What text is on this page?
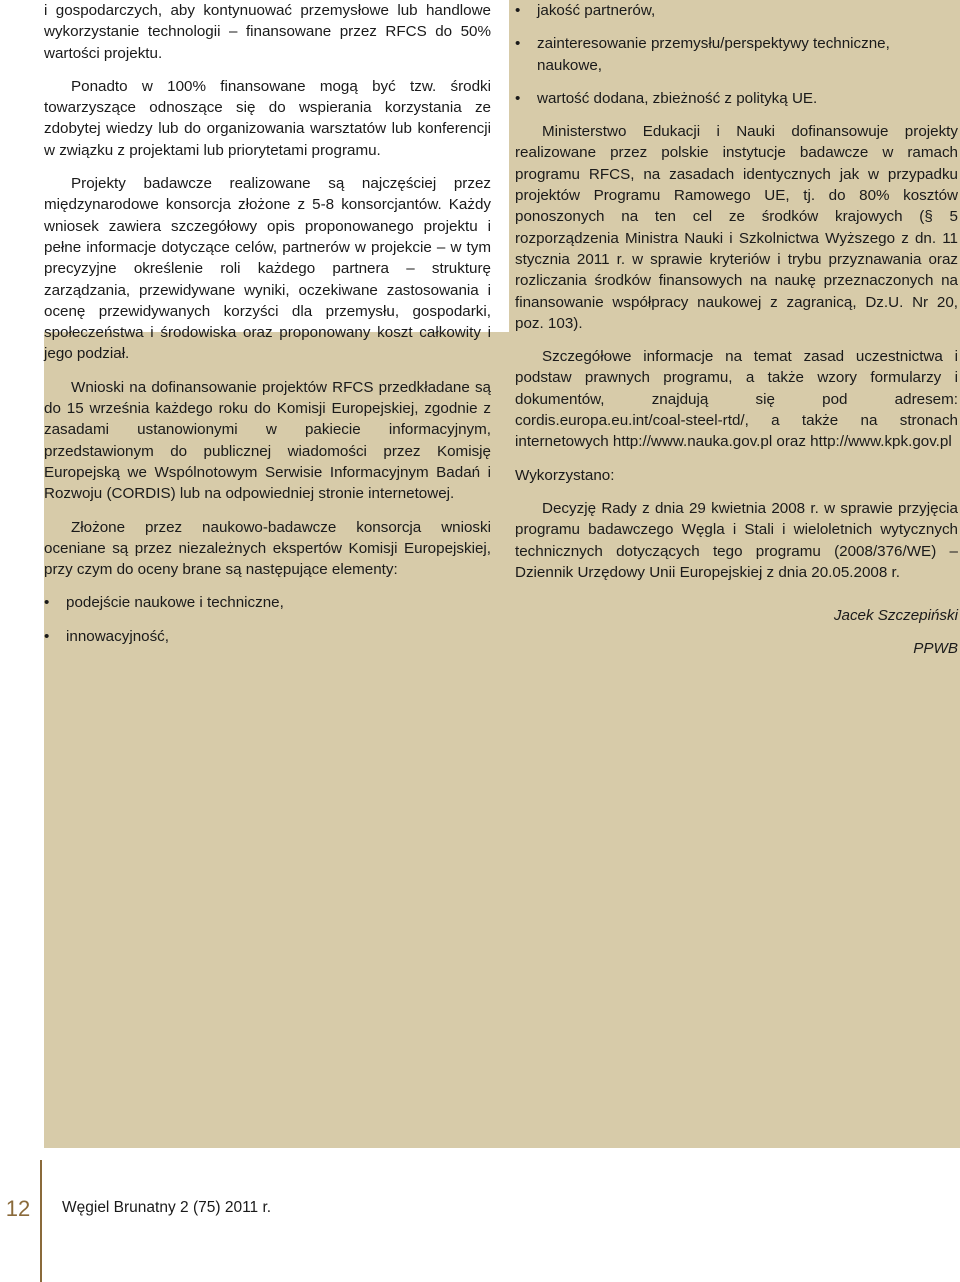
i gospodarczych, aby kontynuować przemysłowe lub handlowe wykorzystanie technologii – finansowane przez RFCS do 50% wartości projektu.

Ponadto w 100% finansowane mogą być tzw. środki towarzyszące odnoszące się do wspierania korzystania ze zdobytej wiedzy lub do organizowania warsztatów lub konferencji w związku z projektami lub priorytetami programu.

Projekty badawcze realizowane są najczęściej przez międzynarodowe konsorcja złożone z 5-8 konsorcjantów. Każdy wniosek zawiera szczegółowy opis proponowanego projektu i pełne informacje dotyczące celów, partnerów w projekcie – w tym precyzyjne określenie roli każdego partnera – strukturę zarządzania, przewidywane wyniki, oczekiwane zastosowania i ocenę przewidywanych korzyści dla przemysłu, gospodarki, społeczeństwa i środowiska oraz proponowany koszt całkowity i jego podział.

Wnioski na dofinansowanie projektów RFCS przedkładane są do 15 września każdego roku do Komisji Europejskiej, zgodnie z zasadami ustanowionymi w pakiecie informacyjnym, przedstawionym do publicznej wiadomości przez Komisję Europejską we Wspólnotowym Serwisie Informacyjnym Badań i Rozwoju (CORDIS) lub na odpowiedniej stronie internetowej.

Złożone przez naukowo-badawcze konsorcja wnioski oceniane są przez niezależnych ekspertów Komisji Europejskiej, przy czym do oceny brane są następujące elementy:

• podejście naukowe i techniczne,

• innowacyjność,

• jakość partnerów,

• zainteresowanie przemysłu/perspektywy techniczne, naukowe,

• wartość dodana, zbieżność z polityką UE.

Ministerstwo Edukacji i Nauki dofinansowuje projekty realizowane przez polskie instytucje badawcze w ramach programu RFCS, na zasadach identycznych jak w przypadku projektów Programu Ramowego UE, tj. do 80% kosztów ponoszonych na ten cel ze środków krajowych (§ 5 rozporządzenia Ministra Nauki i Szkolnictwa Wyższego z dn. 11 stycznia 2011 r. w sprawie kryteriów i trybu przyznawania oraz rozliczania środków finansowych na naukę przeznaczonych na finansowanie współpracy naukowej z zagranicą, Dz.U. Nr 20, poz. 103).

Szczegółowe informacje na temat zasad uczestnictwa i podstaw prawnych programu, a także wzory formularzy i dokumentów, znajdują się pod adresem: cordis.europa.eu.int/coal-steel-rtd/, a także na stronach internetowych http://www.nauka.gov.pl oraz http://www.kpk.gov.pl

Wykorzystano:

Decyzję Rady z dnia 29 kwietnia 2008 r. w sprawie przyjęcia programu badawczego Węgla i Stali i wieloletnich wytycznych technicznych dotyczących tego programu (2008/376/WE) – Dziennik Urzędowy Unii Europejskiej z dnia 20.05.2008 r.

Jacek Szczepiński

PPWB

12	Węgiel Brunatny 2 (75) 2011 r.
